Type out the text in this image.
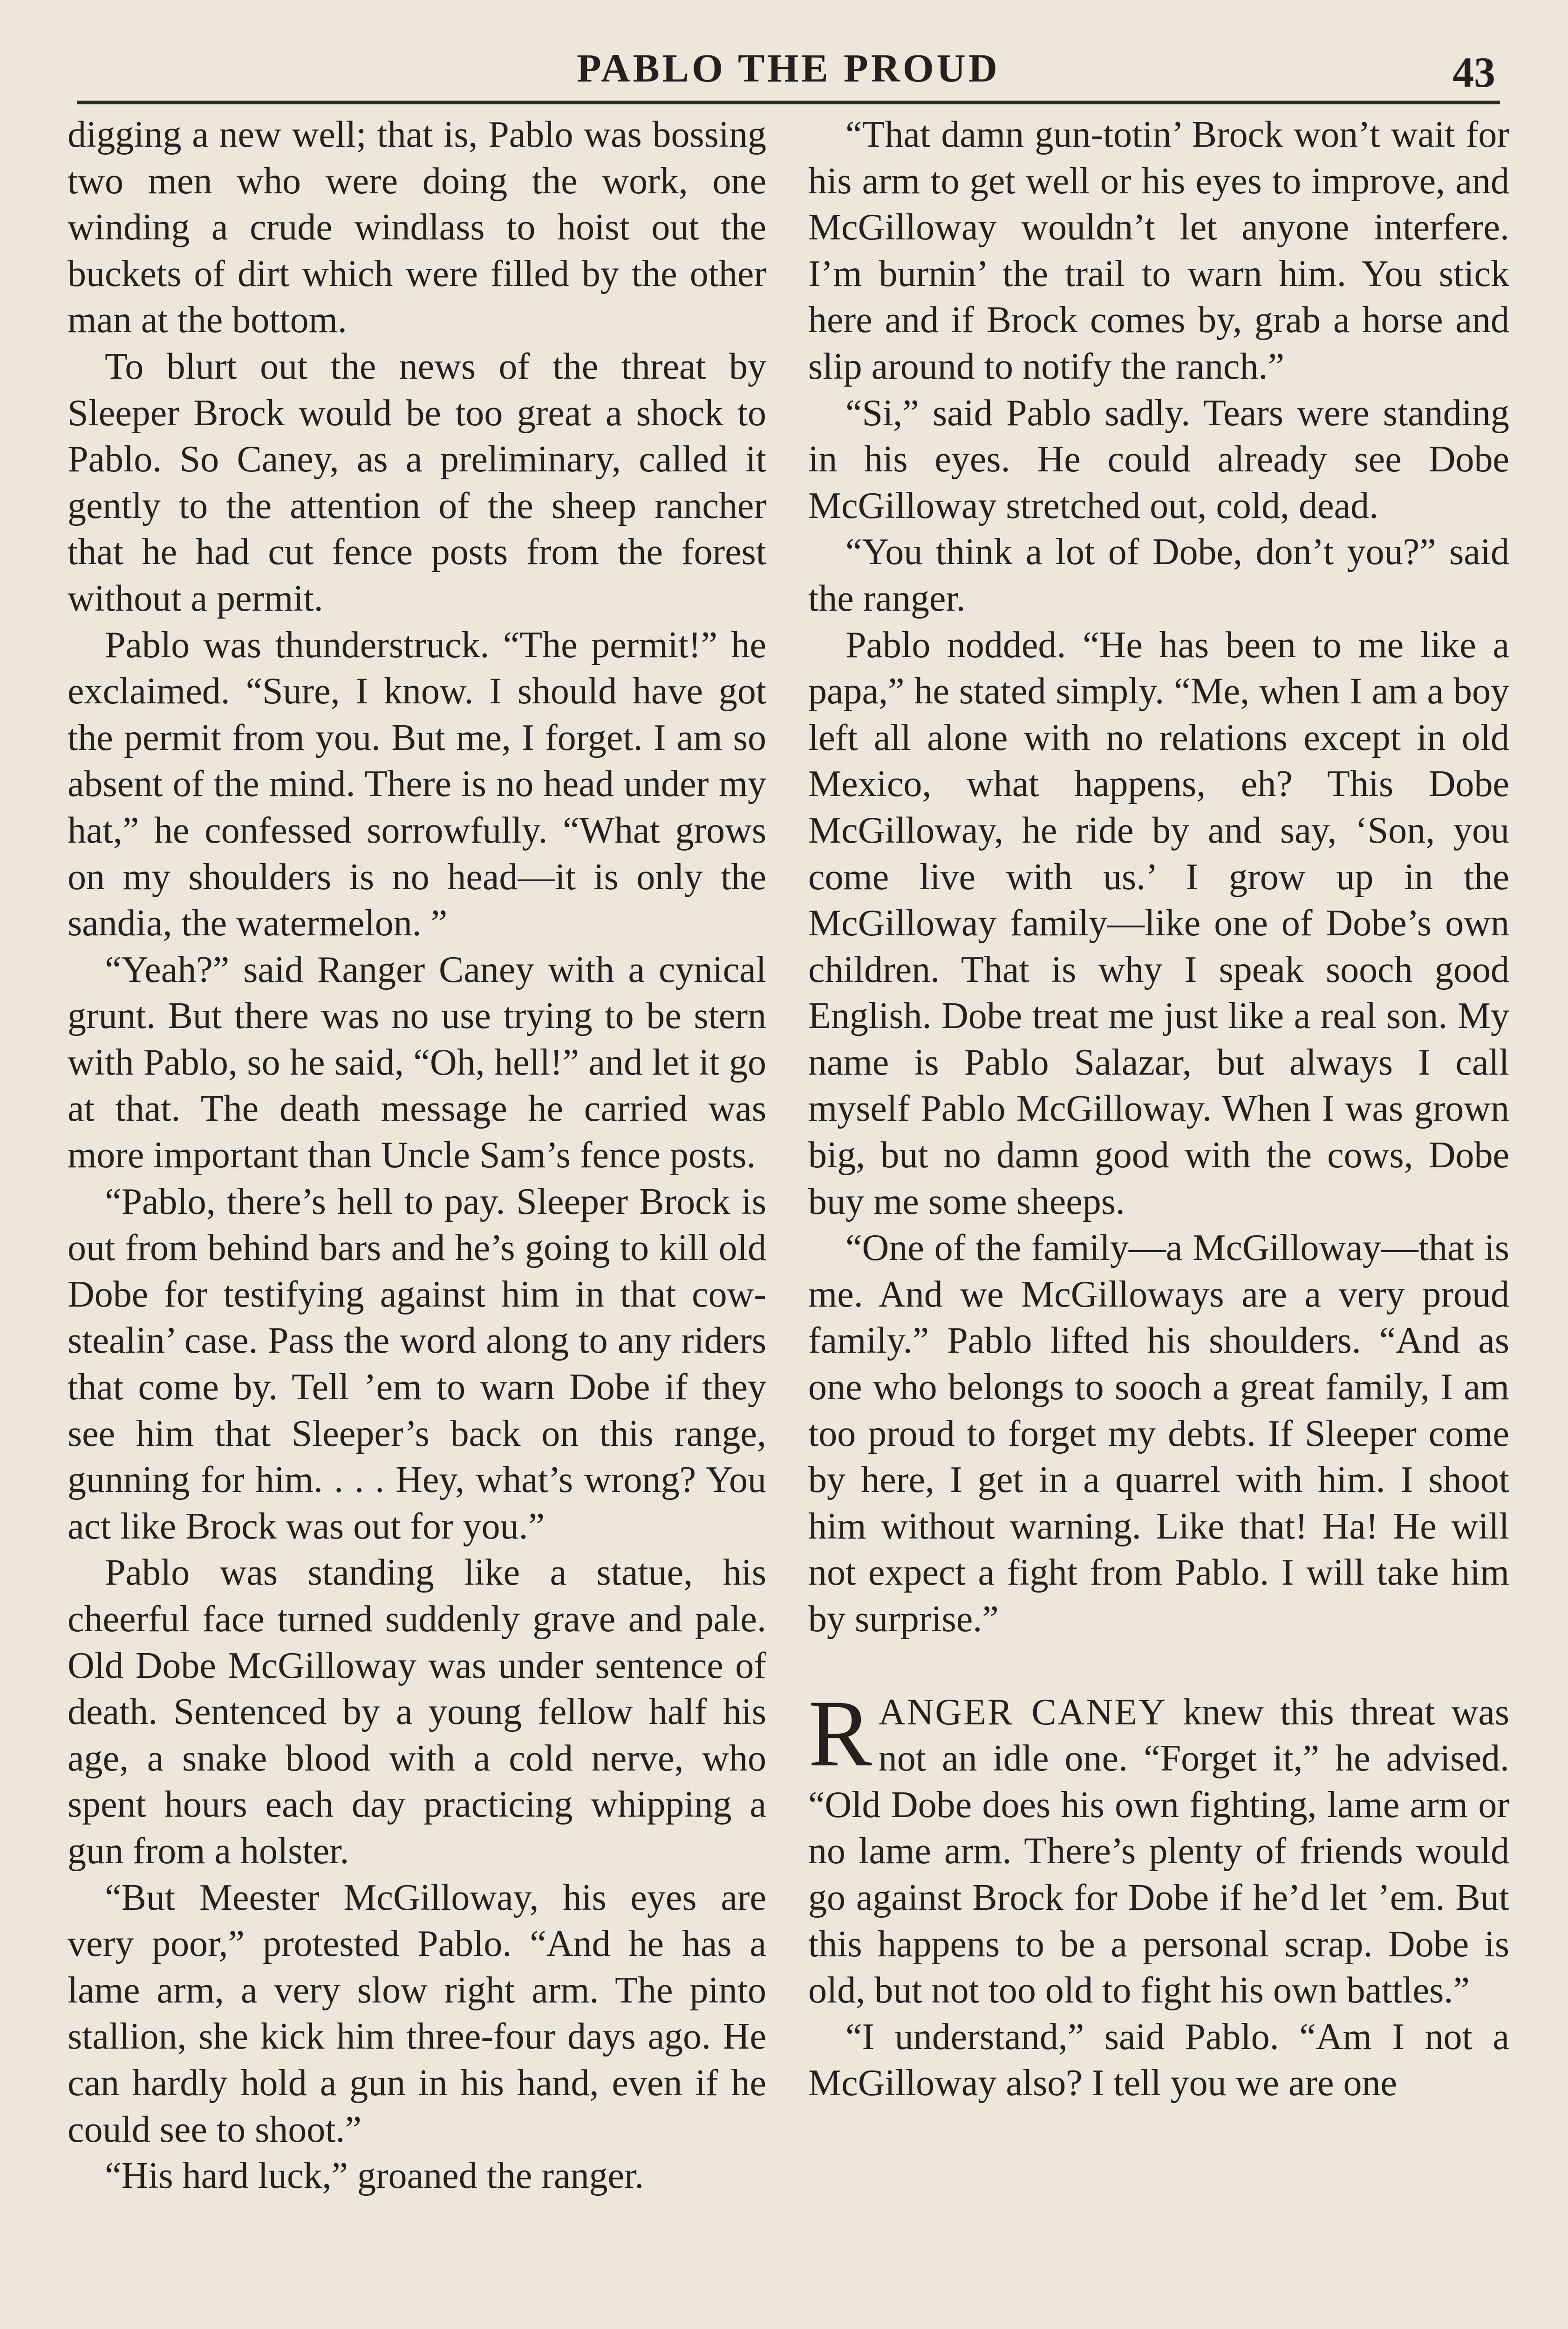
PABLO THE PROUD	43

digging a new well; that is, Pablo was bossing two men who were doing the work, one winding a crude windlass to hoist out the buckets of dirt which were filled by the other man at the bottom.

To blurt out the news of the threat by Sleeper Brock would be too great a shock to Pablo. So Caney, as a preliminary, called it gently to the attention of the sheep rancher that he had cut fence posts from the forest without a permit.

Pablo was thunderstruck. “The permit!” he exclaimed. “Sure, I know. I should have got the permit from you. But me, I forget. I am so absent of the mind. There is no head under my hat,” he confessed sorrowfully. “What grows on my shoulders is no head—it is only the sandia, the watermelon. ”

“Yeah?” said Ranger Caney with a cynical grunt. But there was no use trying to be stern with Pablo, so he said, “Oh, hell!” and let it go at that. The death message he carried was more important than Uncle Sam’s fence posts.

“Pablo, there’s hell to pay. Sleeper Brock is out from behind bars and he’s going to kill old Dobe for testifying against him in that cow-stealin’ case. Pass the word along to any riders that come by. Tell ’em to warn Dobe if they see him that Sleeper’s back on this range, gunning for him. . . . Hey, what’s wrong? You act like Brock was out for you.”

Pablo was standing like a statue, his cheerful face turned suddenly grave and pale. Old Dobe McGilloway was under sentence of death. Sentenced by a young fellow half his age, a snake blood with a cold nerve, who spent hours each day practicing whipping a gun from a holster.

“But Meester McGilloway, his eyes are very poor,” protested Pablo. “And he has a lame arm, a very slow right arm. The pinto stallion, she kick him three-four days ago. He can hardly hold a gun in his hand, even if he could see to shoot.”

“His hard luck,” groaned the ranger.

“That damn gun-totin’ Brock won’t wait for his arm to get well or his eyes to improve, and McGilloway wouldn’t let anyone interfere. I’m burnin’ the trail to warn him. You stick here and if Brock comes by, grab a horse and slip around to notify the ranch.”

“Si,” said Pablo sadly. Tears were standing in his eyes. He could already see Dobe McGilloway stretched out, cold, dead.

“You think a lot of Dobe, don’t you?” said the ranger.

Pablo nodded. “He has been to me like a papa,” he stated simply. “Me, when I am a boy left all alone with no relations except in old Mexico, what happens, eh? This Dobe McGilloway, he ride by and say, ‘Son, you come live with us.’ I grow up in the McGilloway family—like one of Dobe’s own children. That is why I speak sooch good English. Dobe treat me just like a real son. My name is Pablo Salazar, but always I call myself Pablo McGilloway. When I was grown big, but no damn good with the cows, Dobe buy me some sheeps.

“One of the family—a McGilloway—that is me. And we McGilloways are a very proud family.” Pablo lifted his shoulders. “And as one who belongs to sooch a great family, I am too proud to forget my debts. If Sleeper come by here, I get in a quarrel with him. I shoot him without warning. Like that! Ha! He will not expect a fight from Pablo. I will take him by surprise.”

RANGER CANEY knew this threat was not an idle one. “Forget it,” he advised. “Old Dobe does his own fighting, lame arm or no lame arm. There’s plenty of friends would go against Brock for Dobe if he’d let ’em. But this happens to be a personal scrap. Dobe is old, but not too old to fight his own battles.”

“I understand,” said Pablo. “Am I not a McGilloway also? I tell you we are one
